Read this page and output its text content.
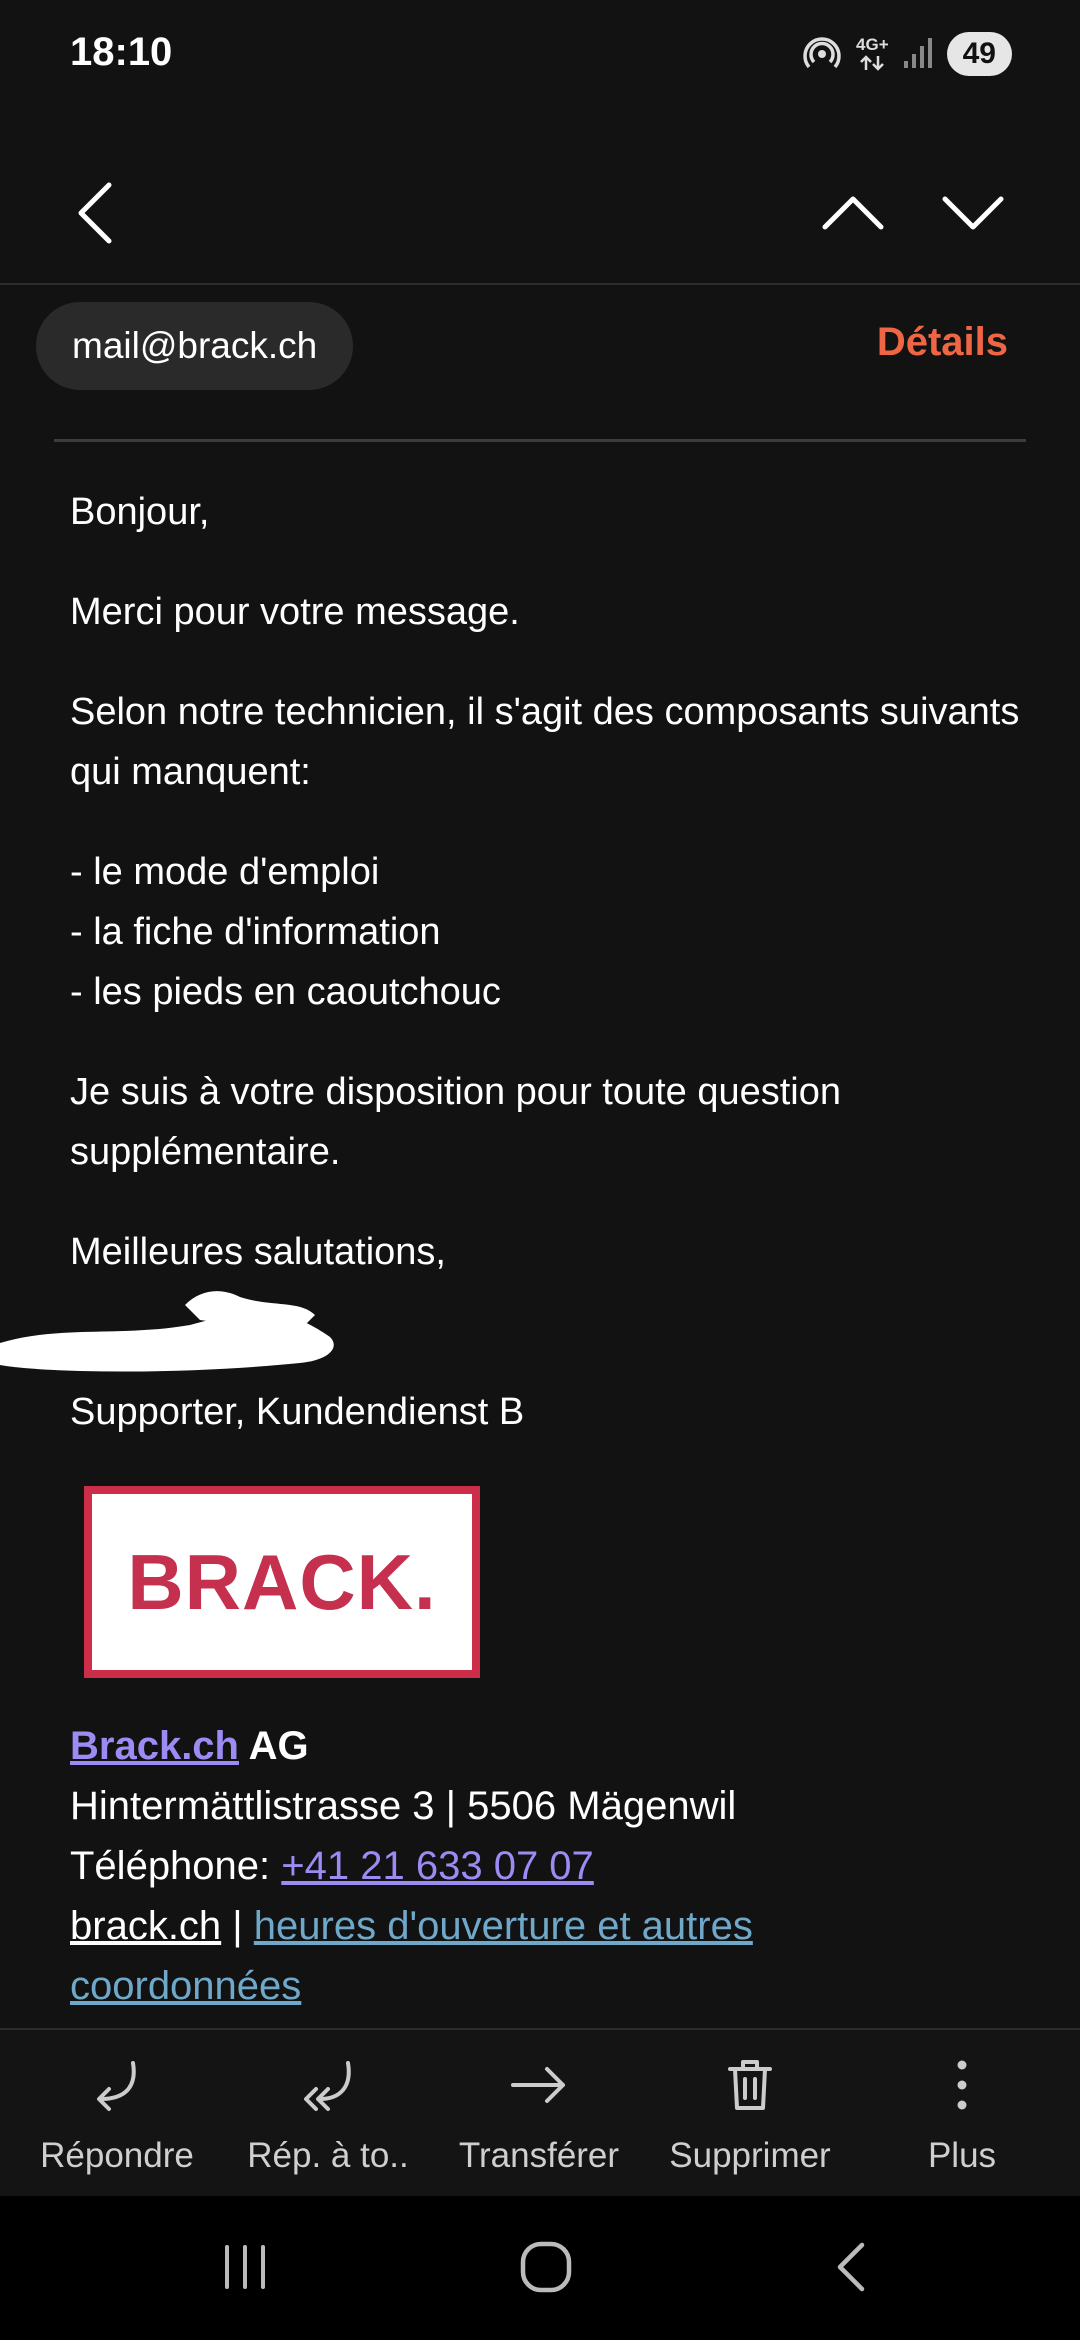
18:10	4G+	49
mail@brack.ch	Détails

Bonjour,

Merci pour votre message.

Selon notre technicien, il s'agit des composants suivants qui manquent:

- le mode d'emploi
- la fiche d'information
- les pieds en caoutchouc

Je suis à votre disposition pour toute question supplémentaire.

Meilleures salutations,

Supporter, Kundendienst B

BRACK.
Brack.ch AG
Hintermättlistrasse 3 | 5506 Mägenwil
Téléphone: +41 21 633 07 07
brack.ch | heures d'ouverture et autres
coordonnées
Répondre Rép. à to.. Transférer Supprimer	Plus
